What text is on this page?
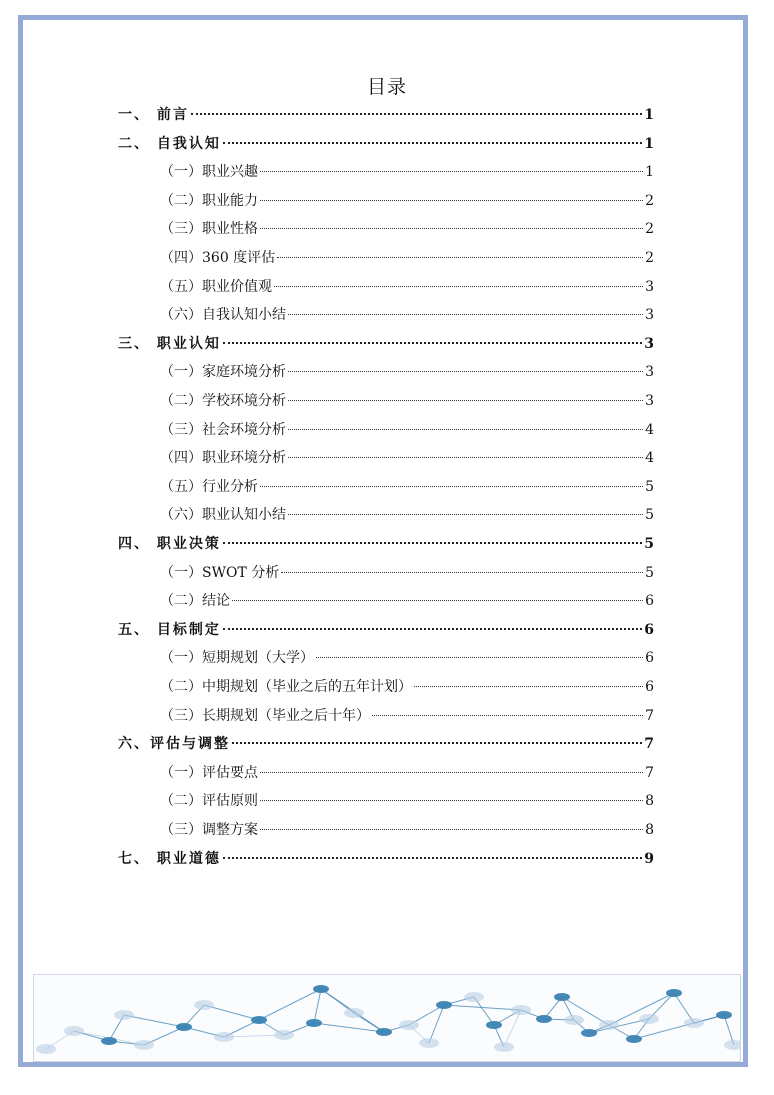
目录
一、 前言	1
二、 自我认知	1
（一）职业兴趣	1
（二）职业能力	2
（三）职业性格	2
（四）360 度评估	2
（五）职业价值观	3
（六）自我认知小结	3
三、 职业认知	3
（一）家庭环境分析	3
（二）学校环境分析	3
（三）社会环境分析	4
（四）职业环境分析	4
（五）行业分析	5
（六）职业认知小结	5
四、 职业决策	5
（一）SWOT 分析	5
（二）结论	6
五、 目标制定	6
（一）短期规划（大学）	6
（二）中期规划（毕业之后的五年计划）	6
（三）长期规划（毕业之后十年）	7
六、评估与调整	7
（一）评估要点	7
（二）评估原则	8
（三）调整方案	8
七、 职业道德	9
